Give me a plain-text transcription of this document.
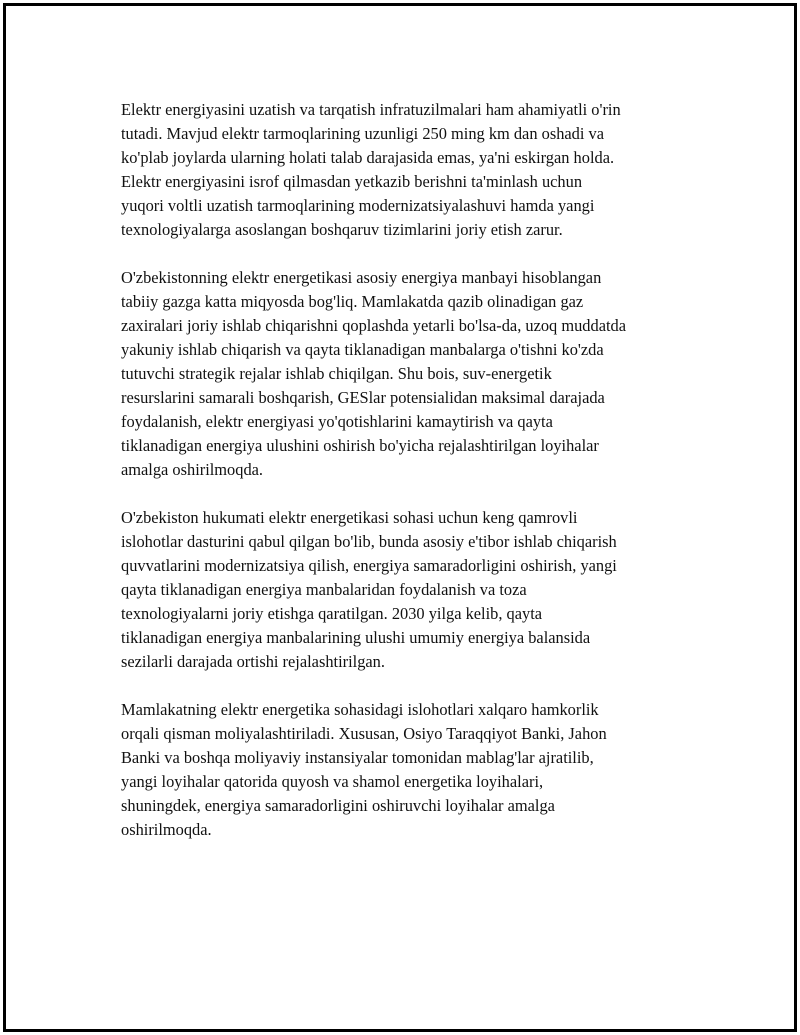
Elektr energiyasini uzatish va tarqatish infratuzilmalari ham ahamiyatli o'rin
tutadi. Mavjud elektr tarmoqlarining uzunligi 250 ming km dan oshadi va
ko'plab joylarda ularning holati talab darajasida emas, ya'ni eskirgan holda.
Elektr energiyasini isrof qilmasdan yetkazib berishni ta'minlash uchun
yuqori voltli uzatish tarmoqlarining modernizatsiyalashuvi hamda yangi
texnologiyalarga asoslangan boshqaruv tizimlarini joriy etish zarur.

O'zbekistonning elektr energetikasi asosiy energiya manbayi hisoblangan
tabiiy gazga katta miqyosda bog'liq. Mamlakatda qazib olinadigan gaz
zaxiralari joriy ishlab chiqarishni qoplashda yetarli bo'lsa-da, uzoq muddatda
yakuniy ishlab chiqarish va qayta tiklanadigan manbalarga o'tishni ko'zda
tutuvchi strategik rejalar ishlab chiqilgan. Shu bois, suv-energetik
resurslarini samarali boshqarish, GESlar potensialidan maksimal darajada
foydalanish, elektr energiyasi yo'qotishlarini kamaytirish va qayta
tiklanadigan energiya ulushini oshirish bo'yicha rejalashtirilgan loyihalar
amalga oshirilmoqda.

O'zbekiston hukumati elektr energetikasi sohasi uchun keng qamrovli
islohotlar dasturini qabul qilgan bo'lib, bunda asosiy e'tibor ishlab chiqarish
quvvatlarini modernizatsiya qilish, energiya samaradorligini oshirish, yangi
qayta tiklanadigan energiya manbalaridan foydalanish va toza
texnologiyalarni joriy etishga qaratilgan. 2030 yilga kelib, qayta
tiklanadigan energiya manbalarining ulushi umumiy energiya balansida
sezilarli darajada ortishi rejalashtirilgan.

Mamlakatning elektr energetika sohasidagi islohotlari xalqaro hamkorlik
orqali qisman moliyalashtiriladi. Xususan, Osiyo Taraqqiyot Banki, Jahon
Banki va boshqa moliyaviy instansiyalar tomonidan mablag'lar ajratilib,
yangi loyihalar qatorida quyosh va shamol energetika loyihalari,
shuningdek, energiya samaradorligini oshiruvchi loyihalar amalga
oshirilmoqda.
